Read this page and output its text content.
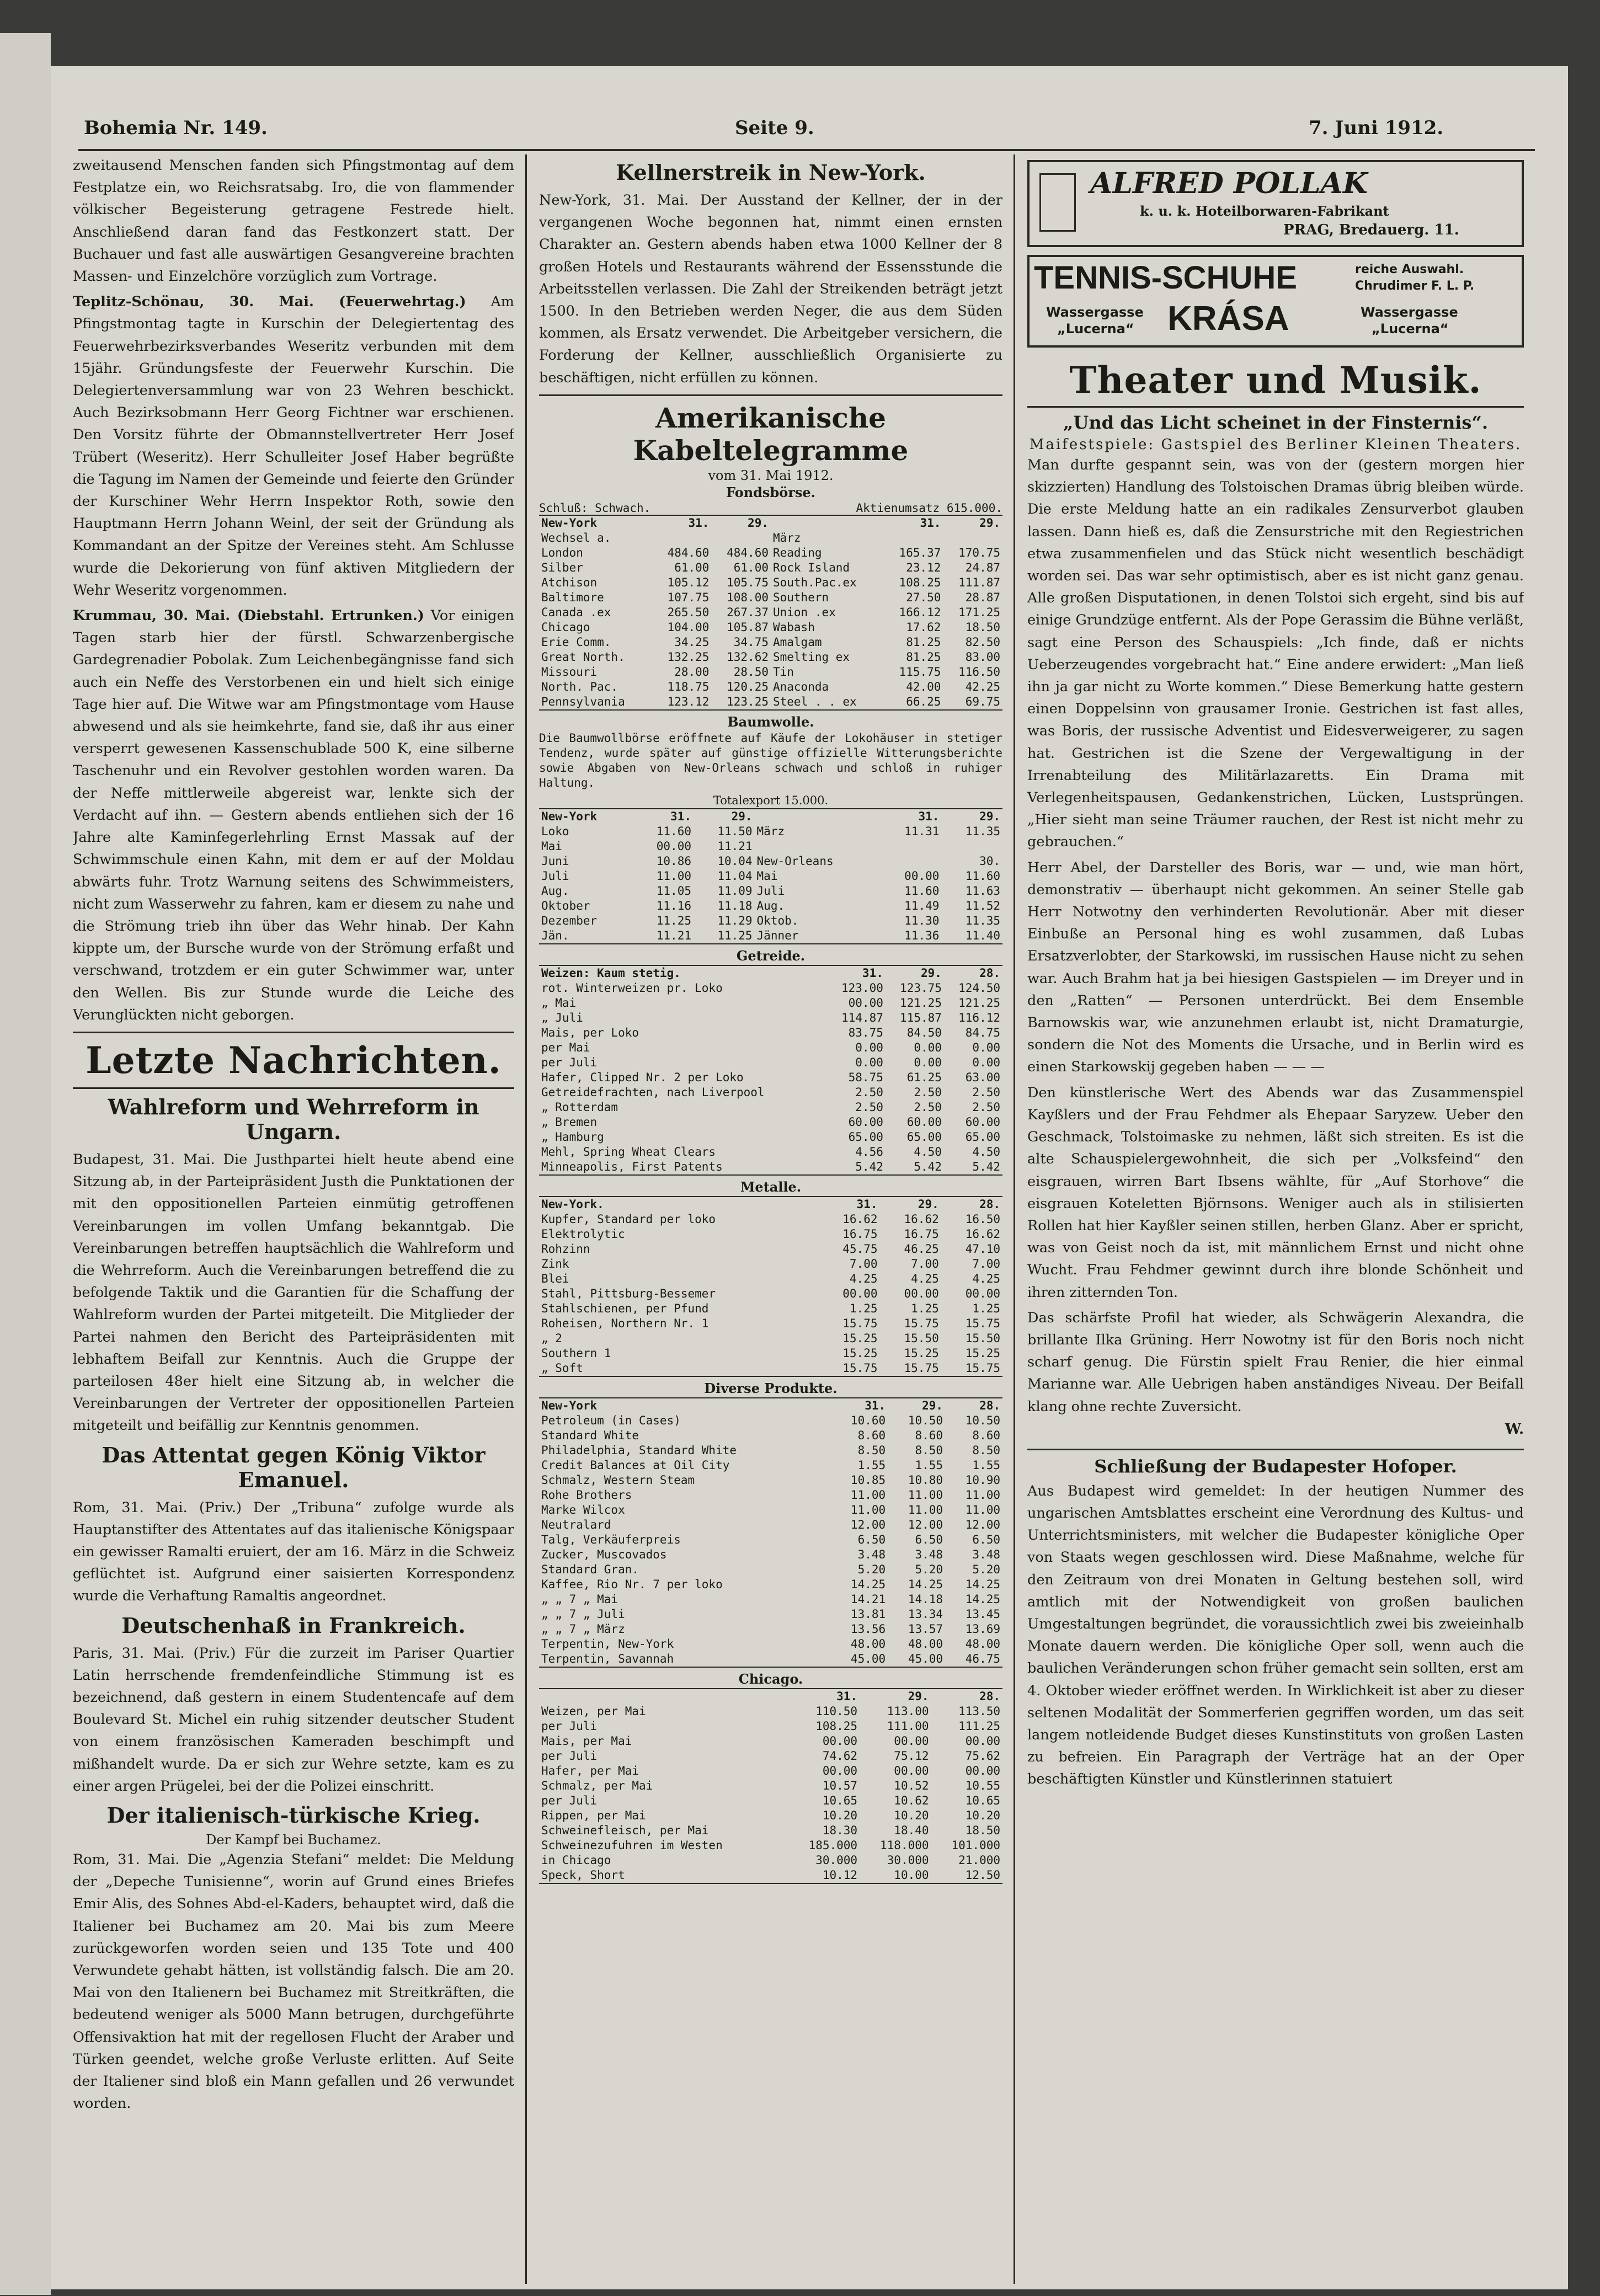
Bohemia Nr. 149.	Seite 9.	7. Juni 1912.

zweitausend Menschen fanden sich Pfingstmontag auf dem Festplatze ein, wo Reichsratsabg. Iro, die von flammender völkischer Begeisterung getragene Festrede hielt. Anschließend daran fand das Festkonzert statt. Der Buchauer und fast alle auswärtigen Gesangvereine brachten Massen- und Einzelchöre vorzüglich zum Vortrage.

Teplitz-Schönau, 30. Mai. (Feuerwehrtag.) Am Pfingstmontag tagte in Kurschin der Delegiertentag des Feuerwehrbezirksverbandes Weseritz verbunden mit dem 15jähr. Gründungsfeste der Feuerwehr Kurschin. Die Delegiertenversammlung war von 23 Wehren beschickt. Auch Bezirksobmann Herr Georg Fichtner war erschienen. Den Vorsitz führte der Obmannstellvertreter Herr Josef Trübert (Weseritz). Herr Schulleiter Josef Haber begrüßte die Tagung im Namen der Gemeinde und feierte den Gründer der Kurschiner Wehr Herrn Inspektor Roth, sowie den Hauptmann Herrn Johann Weinl, der seit der Gründung als Kommandant an der Spitze der Vereines steht. Am Schlusse wurde die Dekorierung von fünf aktiven Mitgliedern der Wehr Weseritz vorgenommen.

Krummau, 30. Mai. (Diebstahl. Ertrunken.) Vor einigen Tagen starb hier der fürstl. Schwarzenbergische Gardegrenadier Pobolak. Zum Leichenbegängnisse fand sich auch ein Neffe des Verstorbenen ein und hielt sich einige Tage hier auf. Die Witwe war am Pfingstmontage vom Hause abwesend und als sie heimkehrte, fand sie, daß ihr aus einer versperrt gewesenen Kassenschublade 500 K, eine silberne Taschenuhr und ein Revolver gestohlen worden waren. Da der Neffe mittlerweile abgereist war, lenkte sich der Verdacht auf ihn. — Gestern abends entliehen sich der 16 Jahre alte Kaminfegerlehrling Ernst Massak auf der Schwimmschule einen Kahn, mit dem er auf der Moldau abwärts fuhr. Trotz Warnung seitens des Schwimmeisters, nicht zum Wasserwehr zu fahren, kam er diesem zu nahe und die Strömung trieb ihn über das Wehr hinab. Der Kahn kippte um, der Bursche wurde von der Strömung erfaßt und verschwand, trotzdem er ein guter Schwimmer war, unter den Wellen. Bis zur Stunde wurde die Leiche des Verunglückten nicht geborgen.

Letzte Nachrichten.
Wahlreform und Wehrreform in Ungarn.

Budapest, 31. Mai. Die Justhpartei hielt heute abend eine Sitzung ab, in der Parteipräsident Justh die Punktationen der mit den oppositionellen Parteien einmütig getroffenen Vereinbarungen im vollen Umfang bekanntgab. Die Vereinbarungen betreffen hauptsächlich die Wahlreform und die Wehrreform. Auch die Vereinbarungen betreffend die zu befolgende Taktik und die Garantien für die Schaffung der Wahlreform wurden der Partei mitgeteilt. Die Mitglieder der Partei nahmen den Bericht des Parteipräsidenten mit lebhaftem Beifall zur Kenntnis. Auch die Gruppe der parteilosen 48er hielt eine Sitzung ab, in welcher die Vereinbarungen der Vertreter der oppositionellen Parteien mitgeteilt und beifällig zur Kenntnis genommen.

Das Attentat gegen König Viktor Emanuel.

Rom, 31. Mai. (Priv.) Der „Tribuna“ zufolge wurde als Hauptanstifter des Attentates auf das italienische Königspaar ein gewisser Ramalti eruiert, der am 16. März in die Schweiz geflüchtet ist. Aufgrund einer saisierten Korrespondenz wurde die Verhaftung Ramaltis angeordnet.

Deutschenhaß in Frankreich.

Paris, 31. Mai. (Priv.) Für die zurzeit im Pariser Quartier Latin herrschende fremdenfeindliche Stimmung ist es bezeichnend, daß gestern in einem Studentencafe auf dem Boulevard St. Michel ein ruhig sitzender deutscher Student von einem französischen Kameraden beschimpft und mißhandelt wurde. Da er sich zur Wehre setzte, kam es zu einer argen Prügelei, bei der die Polizei einschritt.

Der italienisch-türkische Krieg.
Der Kampf bei Buchamez.

Rom, 31. Mai. Die „Agenzia Stefani“ meldet: Die Meldung der „Depeche Tunisienne“, worin auf Grund eines Briefes Emir Alis, des Sohnes Abd-el-Kaders, behauptet wird, daß die Italiener bei Buchamez am 20. Mai bis zum Meere zurückgeworfen worden seien und 135 Tote und 400 Verwundete gehabt hätten, ist vollständig falsch. Die am 20. Mai von den Italienern bei Buchamez mit Streitkräften, die bedeutend weniger als 5000 Mann betrugen, durchgeführte Offensivaktion hat mit der regellosen Flucht der Araber und Türken geendet, welche große Verluste erlitten. Auf Seite der Italiener sind bloß ein Mann gefallen und 26 verwundet worden.

Kellnerstreik in New-York.

New-York, 31. Mai. Der Ausstand der Kellner, der in der vergangenen Woche begonnen hat, nimmt einen ernsten Charakter an. Gestern abends haben etwa 1000 Kellner der 8 großen Hotels und Restaurants während der Essensstunde die Arbeitsstellen verlassen. Die Zahl der Streikenden beträgt jetzt 1500. In den Betrieben werden Neger, die aus dem Süden kommen, als Ersatz verwendet. Die Arbeitgeber versichern, die Forderung der Kellner, ausschließlich Organisierte zu beschäftigen, nicht erfüllen zu können.

Amerikanische Kabeltelegramme
vom 31. Mai 1912.
Fondsbörse.
Schluß: Schwach.	Aktienumsatz 615.000.
New-York	31.	29.		31.	29.
Wechsel a.			März		
London	484.60	484.60	Reading	165.37	170.75
Silber	61.00	61.00	Rock Island	23.12	24.87
Atchison	105.12	105.75	South.Pac.ex	108.25	111.87
Baltimore	107.75	108.00	Southern	27.50	28.87
Canada .ex	265.50	267.37	Union .ex	166.12	171.25
Chicago	104.00	105.87	Wabash	17.62	18.50
Erie Comm.	34.25	34.75	Amalgam	81.25	82.50
Great North.	132.25	132.62	Smelting ex	81.25	83.00
Missouri	28.00	28.50	Tin	115.75	116.50
North. Pac.	118.75	120.25	Anaconda	42.00	42.25
Pennsylvania	123.12	123.25	Steel . . ex	66.25	69.75
Baumwolle.

Die Baumwollbörse eröffnete auf Käufe der Lokohäuser in stetiger Tendenz, wurde später auf günstige offizielle Witterungsberichte sowie Abgaben von New-Orleans schwach und schloß in ruhiger Haltung.

Totalexport 15.000.
New-York	31.	29.		31.	29.
Loko	11.60	11.50	März	11.31	11.35
Mai	00.00	11.21			
Juni	10.86	10.04	New-Orleans		30.
Juli	11.00	11.04	Mai	00.00	11.60
Aug.	11.05	11.09	Juli	11.60	11.63
Oktober	11.16	11.18	Aug.	11.49	11.52
Dezember	11.25	11.29	Oktob.	11.30	11.35
Jän.	11.21	11.25	Jänner	11.36	11.40
Getreide.
Weizen: Kaum stetig.	31.	29.	28.
rot. Winterweizen pr. Loko	123.00	123.75	124.50
„ Mai	00.00	121.25	121.25
„ Juli	114.87	115.87	116.12
Mais, per Loko	83.75	84.50	84.75
per Mai	0.00	0.00	0.00
per Juli	0.00	0.00	0.00
Hafer, Clipped Nr. 2 per Loko	58.75	61.25	63.00
Getreidefrachten, nach Liverpool	2.50	2.50	2.50
„ Rotterdam	2.50	2.50	2.50
„ Bremen	60.00	60.00	60.00
„ Hamburg	65.00	65.00	65.00
Mehl, Spring Wheat Clears	4.56	4.50	4.50
Minneapolis, First Patents	5.42	5.42	5.42
Metalle.
New-York.	31.	29.	28.
Kupfer, Standard per loko	16.62	16.62	16.50
Elektrolytic	16.75	16.75	16.62
Rohzinn	45.75	46.25	47.10
Zink	7.00	7.00	7.00
Blei	4.25	4.25	4.25
Stahl, Pittsburg-Bessemer	00.00	00.00	00.00
Stahlschienen, per Pfund	1.25	1.25	1.25
Roheisen, Northern Nr. 1	15.75	15.75	15.75
„ 2	15.25	15.50	15.50
Southern 1	15.25	15.25	15.25
„ Soft	15.75	15.75	15.75
Diverse Produkte.
New-York	31.	29.	28.
Petroleum (in Cases)	10.60	10.50	10.50
Standard White	8.60	8.60	8.60
Philadelphia, Standard White	8.50	8.50	8.50
Credit Balances at Oil City	1.55	1.55	1.55
Schmalz, Western Steam	10.85	10.80	10.90
Rohe Brothers	11.00	11.00	11.00
Marke Wilcox	11.00	11.00	11.00
Neutralard	12.00	12.00	12.00
Talg, Verkäuferpreis	6.50	6.50	6.50
Zucker, Muscovados	3.48	3.48	3.48
Standard Gran.	5.20	5.20	5.20
Kaffee, Rio Nr. 7 per loko	14.25	14.25	14.25
„ „ 7 „ Mai	14.21	14.18	14.25
„ „ 7 „ Juli	13.81	13.34	13.45
„ „ 7 „ März	13.56	13.57	13.69
Terpentin, New-York	48.00	48.00	48.00
Terpentin, Savannah	45.00	45.00	46.75
Chicago.
	31.	29.	28.
Weizen, per Mai	110.50	113.00	113.50
per Juli	108.25	111.00	111.25
Mais, per Mai	00.00	00.00	00.00
per Juli	74.62	75.12	75.62
Hafer, per Mai	00.00	00.00	00.00
Schmalz, per Mai	10.57	10.52	10.55
per Juli	10.65	10.62	10.65
Rippen, per Mai	10.20	10.20	10.20
Schweinefleisch, per Mai	18.30	18.40	18.50
Schweinezufuhren im Westen	185.000	118.000	101.000
in Chicago	30.000	30.000	21.000
Speck, Short	10.12	10.00	12.50
ALFRED POLLAK
k. u. k. Hoteilborwaren-Fabrikant
PRAG, Bredauerg. 11.
TENNIS-SCHUHE
KRÁSA
reiche Auswahl.
Chrudimer F. L. P.
Wassergasse
„Lucerna“
Wassergasse
„Lucerna“
Theater und Musik.
„Und das Licht scheinet in der Finsternis“.
Maifestspiele: Gastspiel des Berliner Kleinen Theaters.

Man durfte gespannt sein, was von der (gestern morgen hier skizzierten) Handlung des Tolstoischen Dramas übrig bleiben würde. Die erste Meldung hatte an ein radikales Zensurverbot glauben lassen. Dann hieß es, daß die Zensurstriche mit den Regiestrichen etwa zusammenfielen und das Stück nicht wesentlich beschädigt worden sei. Das war sehr optimistisch, aber es ist nicht ganz genau. Alle großen Disputationen, in denen Tolstoi sich ergeht, sind bis auf einige Grundzüge entfernt. Als der Pope Gerassim die Bühne verläßt, sagt eine Person des Schauspiels: „Ich finde, daß er nichts Ueberzeugendes vorgebracht hat.“ Eine andere erwidert: „Man ließ ihn ja gar nicht zu Worte kommen.“ Diese Bemerkung hatte gestern einen Doppelsinn von grausamer Ironie. Gestrichen ist fast alles, was Boris, der russische Adventist und Eidesverweigerer, zu sagen hat. Gestrichen ist die Szene der Vergewaltigung in der Irrenabteilung des Militärlazaretts. Ein Drama mit Verlegenheitspausen, Gedankenstrichen, Lücken, Lustsprüngen. „Hier sieht man seine Träumer rauchen, der Rest ist nicht mehr zu gebrauchen.“

Herr Abel, der Darsteller des Boris, war — und, wie man hört, demonstrativ — überhaupt nicht gekommen. An seiner Stelle gab Herr Notwotny den verhinderten Revolutionär. Aber mit dieser Einbuße an Personal hing es wohl zusammen, daß Lubas Ersatzverlobter, der Starkowski, im russischen Hause nicht zu sehen war. Auch Brahm hat ja bei hiesigen Gastspielen — im Dreyer und in den „Ratten“ — Personen unterdrückt. Bei dem Ensemble Barnowskis war, wie anzunehmen erlaubt ist, nicht Dramaturgie, sondern die Not des Moments die Ursache, und in Berlin wird es einen Starkowskij gegeben haben — — —

Den künstlerische Wert des Abends war das Zusammenspiel Kayßlers und der Frau Fehdmer als Ehepaar Saryzew. Ueber den Geschmack, Tolstoimaske zu nehmen, läßt sich streiten. Es ist die alte Schauspielergewohnheit, die sich per „Volksfeind“ den eisgrauen, wirren Bart Ibsens wählte, für „Auf Storhove“ die eisgrauen Koteletten Björnsons. Weniger auch als in stilisierten Rollen hat hier Kayßler seinen stillen, herben Glanz. Aber er spricht, was von Geist noch da ist, mit männlichem Ernst und nicht ohne Wucht. Frau Fehdmer gewinnt durch ihre blonde Schönheit und ihren zitternden Ton.

Das schärfste Profil hat wieder, als Schwägerin Alexandra, die brillante Ilka Grüning. Herr Nowotny ist für den Boris noch nicht scharf genug. Die Fürstin spielt Frau Renier, die hier einmal Marianne war. Alle Uebrigen haben anständiges Niveau. Der Beifall klang ohne rechte Zuversicht.

W.
Schließung der Budapester Hofoper.

Aus Budapest wird gemeldet: In der heutigen Nummer des ungarischen Amtsblattes erscheint eine Verordnung des Kultus- und Unterrichtsministers, mit welcher die Budapester königliche Oper von Staats wegen geschlossen wird. Diese Maßnahme, welche für den Zeitraum von drei Monaten in Geltung bestehen soll, wird amtlich mit der Notwendigkeit von großen baulichen Umgestaltungen begründet, die voraussichtlich zwei bis zweieinhalb Monate dauern werden. Die königliche Oper soll, wenn auch die baulichen Veränderungen schon früher gemacht sein sollten, erst am 4. Oktober wieder eröffnet werden. In Wirklichkeit ist aber zu dieser seltenen Modalität der Sommerferien gegriffen worden, um das seit langem notleidende Budget dieses Kunstinstituts von großen Lasten zu befreien. Ein Paragraph der Verträge hat an der Oper beschäftigten Künstler und Künstlerinnen statuiert
